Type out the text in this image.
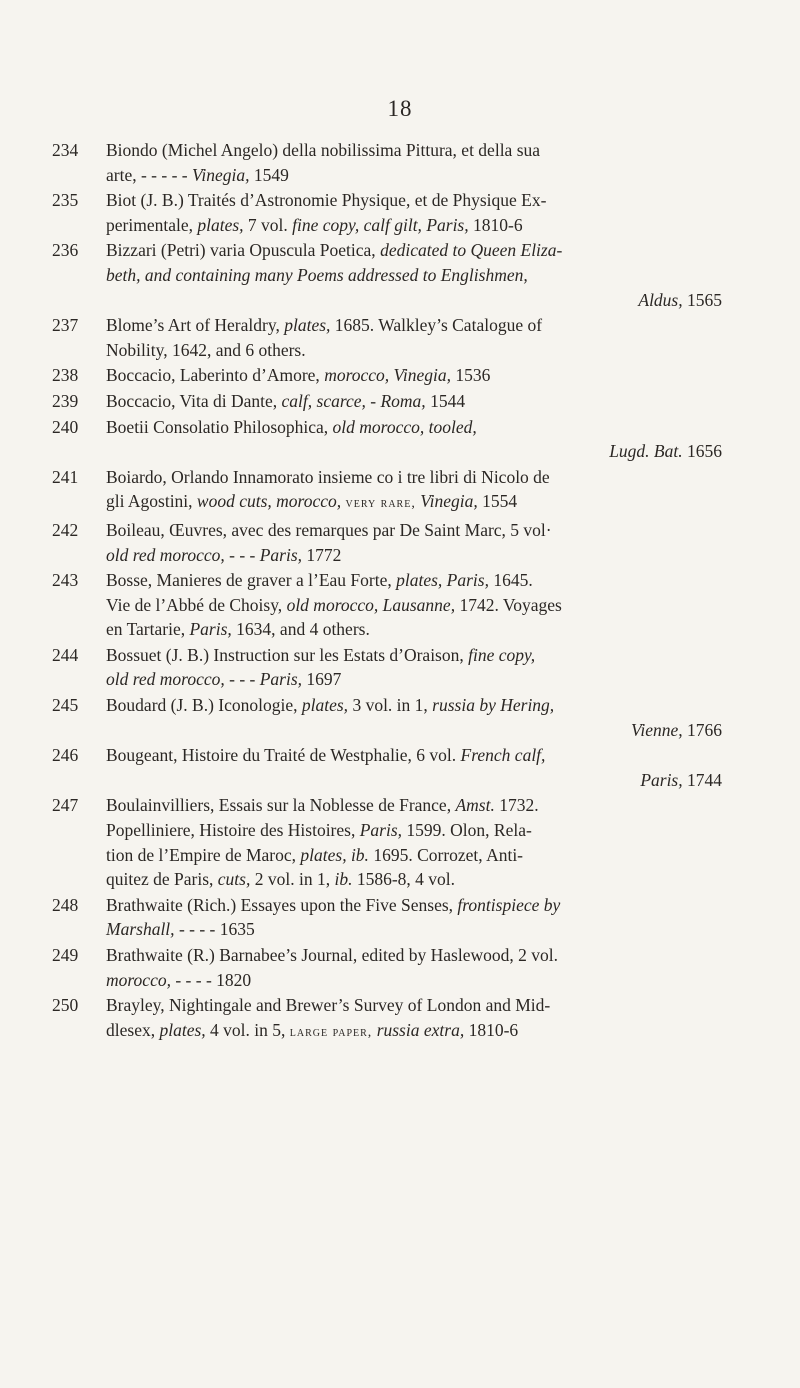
18
234 Biondo (Michel Angelo) della nobilissima Pittura, et della sua
arte, - - - - - Vinegia, 1549
235 Biot (J. B.) Traités d’Astronomie Physique, et de Physique Ex-
perimentale, plates, 7 vol. fine copy, calf gilt, Paris, 1810-6
236 Bizzari (Petri) varia Opuscula Poetica, dedicated to Queen Eliza-
beth, and containing many Poems addressed to Englishmen,
Aldus, 1565
237 Blome’s Art of Heraldry, plates, 1685. Walkley’s Catalogue of
Nobility, 1642, and 6 others.
238 Boccacio, Laberinto d’Amore, morocco, Vinegia, 1536
239 Boccacio, Vita di Dante, calf, scarce, - Roma, 1544
240 Boetii Consolatio Philosophica, old morocco, tooled,
Lugd. Bat. 1656
241 Boiardo, Orlando Innamorato insieme co i tre libri di Nicolo de
gli Agostini, wood cuts, morocco, very rare, Vinegia, 1554
242 Boileau, Œuvres, avec des remarques par De Saint Marc, 5 vol·
old red morocco, - - - Paris, 1772
243 Bosse, Manieres de graver a l’Eau Forte, plates, Paris, 1645.
Vie de l’Abbé de Choisy, old morocco, Lausanne, 1742. Voyages
en Tartarie, Paris, 1634, and 4 others.
244 Bossuet (J. B.) Instruction sur les Estats d’Oraison, fine copy,
old red morocco, - - - Paris, 1697
245 Boudard (J. B.) Iconologie, plates, 3 vol. in 1, russia by Hering,
Vienne, 1766
246 Bougeant, Histoire du Traité de Westphalie, 6 vol. French calf,
Paris, 1744
247 Boulainvilliers, Essais sur la Noblesse de France, Amst. 1732.
Popelliniere, Histoire des Histoires, Paris, 1599. Olon, Rela-
tion de l’Empire de Maroc, plates, ib. 1695. Corrozet, Anti-
quitez de Paris, cuts, 2 vol. in 1, ib. 1586-8, 4 vol.
248 Brathwaite (Rich.) Essayes upon the Five Senses, frontispiece by
Marshall, - - - - 1635
249 Brathwaite (R.) Barnabee’s Journal, edited by Haslewood, 2 vol.
morocco, - - - - 1820
250 Brayley, Nightingale and Brewer’s Survey of London and Mid-
dlesex, plates, 4 vol. in 5, large paper, russia extra, 1810-6
